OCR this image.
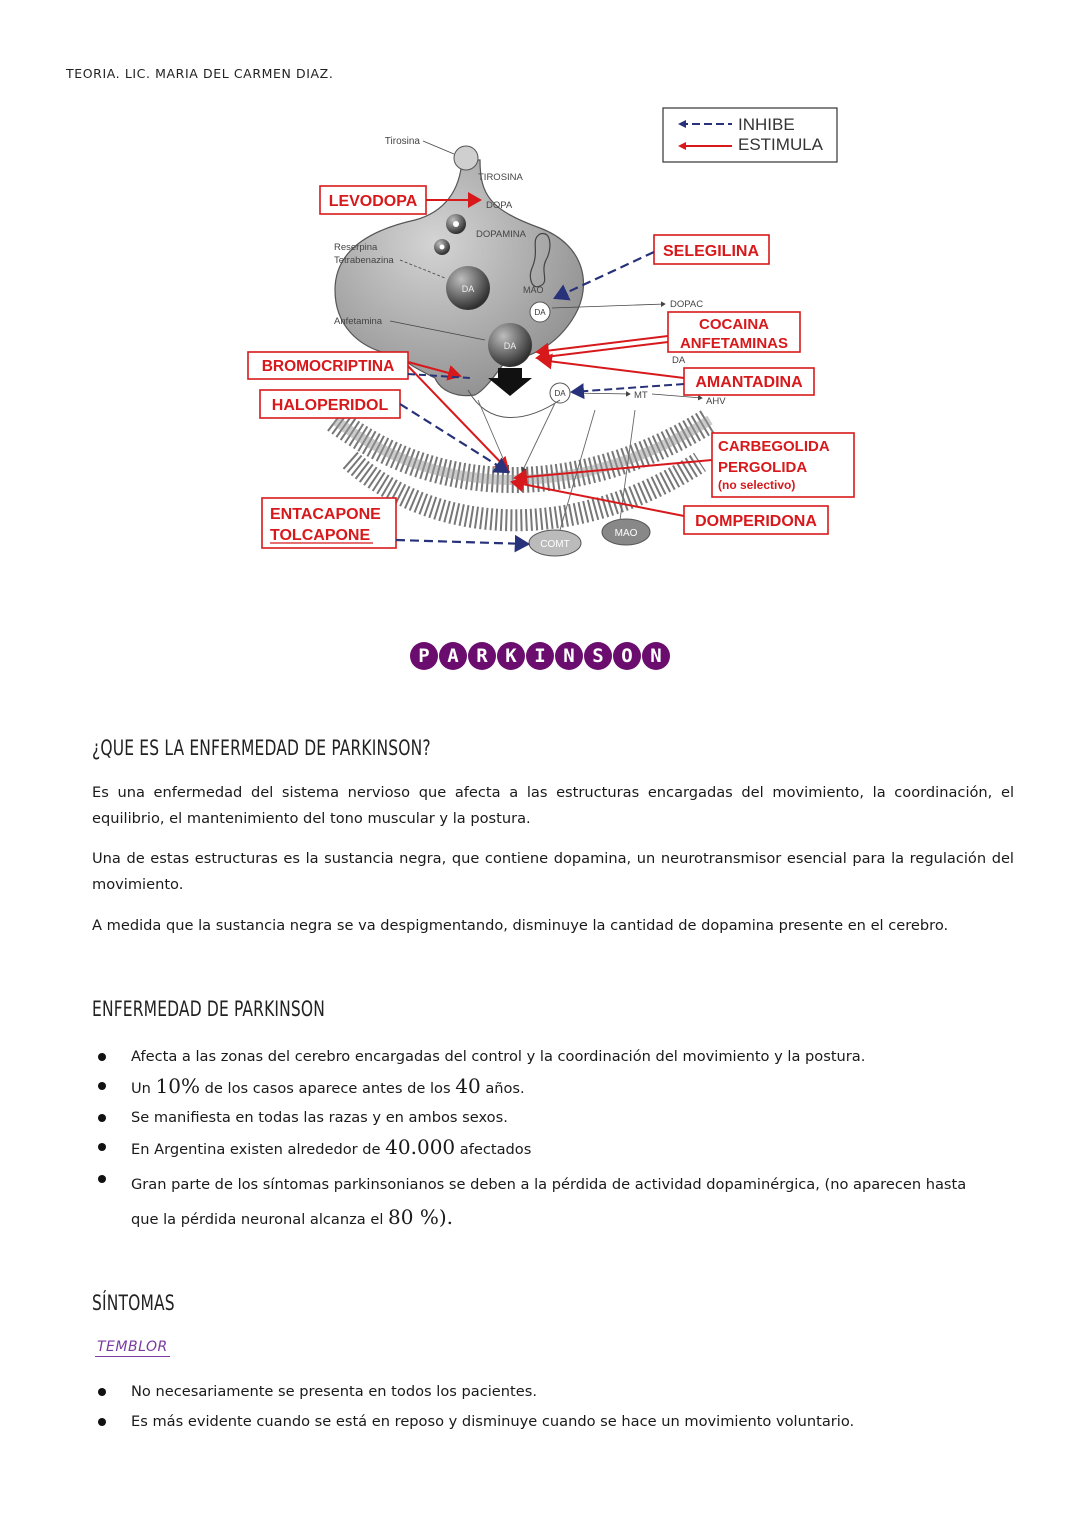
TEORIA. LIC. MARIA DEL CARMEN DIAZ.
DA
DA
DA
DA
COMT
MAO
Tirosina
TIROSINA
DOPA
DOPAMINA
Reserpina
Tetrabenazina
Anfetamina
MAO
DOPAC
DA
MT
AHV
INHIBE
ESTIMULA
LEVODOPA
SELEGILINA
COCAINA
ANFETAMINAS
BROMOCRIPTINA
AMANTADINA
HALOPERIDOL
CARBEGOLIDA
PERGOLIDA
(no selectivo)
DOMPERIDONA
ENTACAPONE
TOLCAPONE
P A R K I N S O N
¿QUE ES LA ENFERMEDAD DE PARKINSON?
Es una enfermedad del sistema nervioso que afecta a las estructuras encargadas del movimiento, la coordinación, el equilibrio, el mantenimiento del tono muscular y la postura.
Una de estas estructuras es la sustancia negra, que contiene dopamina, un neurotransmisor esencial para la regulación del movimiento.
A medida que la sustancia negra se va despigmentando, disminuye la cantidad de dopamina presente en el cerebro.
ENFERMEDAD DE PARKINSON
Afecta a las zonas del cerebro encargadas del control y la coordinación del movimiento y la postura.
Un 10% de los casos aparece antes de los 40 años.
Se manifiesta en todas las razas y en ambos sexos.
En Argentina existen alrededor de 40.000 afectados
Gran parte de los síntomas parkinsonianos se deben a la pérdida de actividad dopaminérgica, (no aparecen hasta que la pérdida neuronal alcanza el 80 %).
SÍNTOMAS
TEMBLOR
No necesariamente se presenta en todos los pacientes.
Es más evidente cuando se está en reposo y disminuye cuando se hace un movimiento voluntario.
